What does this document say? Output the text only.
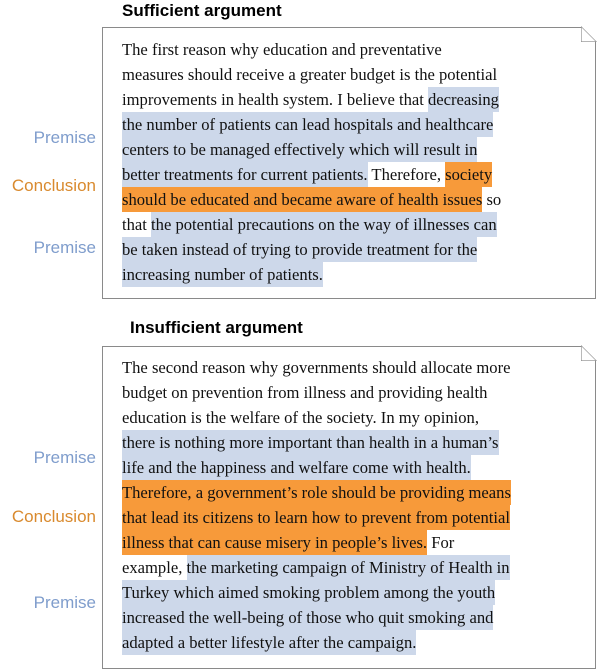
Sufficient argument
The first reason why education and preventative
measures should receive a greater budget is the potential
improvements in health system. I believe that decreasing
the number of patients can lead hospitals and healthcare
centers to be managed effectively which will result in
better treatments for current patients. Therefore, society
should be educated and became aware of health issues so
that the potential precautions on the way of illnesses can
be taken instead of trying to provide treatment for the
increasing number of patients.
Premise
Conclusion
Premise
Insufficient argument
The second reason why governments should allocate more
budget on prevention from illness and providing health
education is the welfare of the society. In my opinion,
there is nothing more important than health in a human’s
life and the happiness and welfare come with health.
Therefore, a government’s role should be providing means
that lead its citizens to learn how to prevent from potential
illness that can cause misery in people’s lives. For
example, the marketing campaign of Ministry of Health in
Turkey which aimed smoking problem among the youth
increased the well-being of those who quit smoking and
adapted a better lifestyle after the campaign.
Premise
Conclusion
Premise
